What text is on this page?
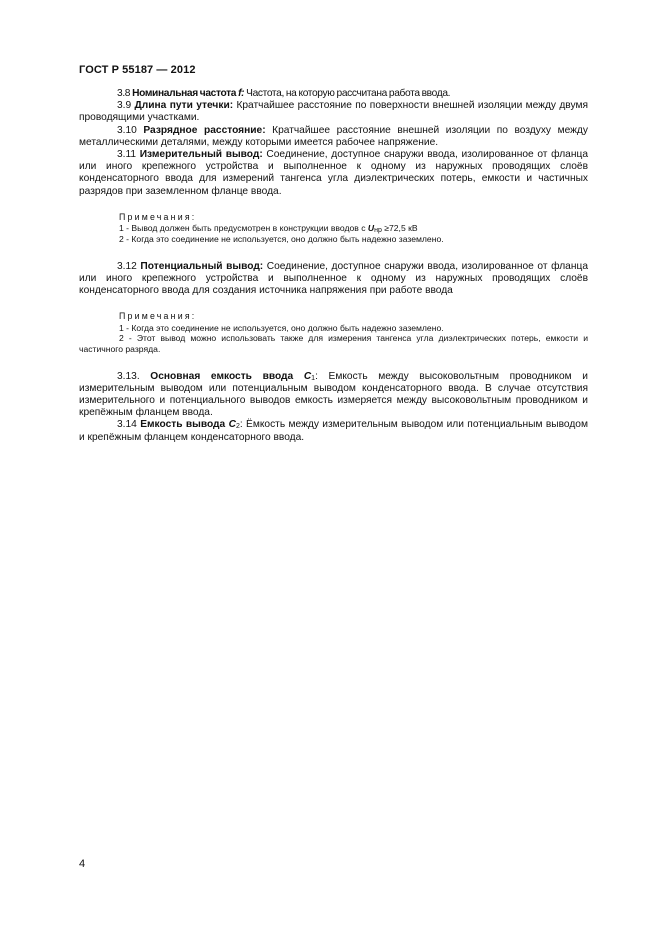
ГОСТ Р 55187 — 2012

3.8 Номинальная частота f: Частота, на которую рассчитана работа ввода.

3.9 Длина пути утечки: Кратчайшее расстояние по поверхности внешней изоляции между двумя проводящими участками.

3.10 Разрядное расстояние: Кратчайшее расстояние внешней изоляции по воздуху между металлическими деталями, между которыми имеется рабочее напряжение.

3.11 Измерительный вывод: Соединение, доступное снаружи ввода, изолированное от фланца или иного крепежного устройства и выполненное к одному из наружных проводящих слоёв конденсаторного ввода для измерений тангенса угла диэлектрических потерь, емкости и частичных разрядов при заземленном фланце ввода.

Примечания:
1 - Вывод должен быть предусмотрен в конструкции вводов с $U_{нр} \ge 72,5$ кВ
2 - Когда это соединение не используется, оно должно быть надежно заземлено.

3.12 Потенциальный вывод: Соединение, доступное снаружи ввода, изолированное от фланца или иного крепежного устройства и выполненное к одному из наружных проводящих слоёв конденсаторного ввода для создания источника напряжения при работе ввода

Примечания:
1 - Когда это соединение не используется, оно должно быть надежно заземлено.
2 - Этот вывод можно использовать также для измерения тангенса угла диэлектрических потерь, емкости и частичного разряда.

3.13. Основная емкость ввода $C_1$: Емкость между высоковольтным проводником и измерительным выводом или потенциальным выводом конденсаторного ввода. В случае отсутствия измерительного и потенциального выводов емкость измеряется между высоковольтным проводником и крепёжным фланцем ввода.

3.14 Емкость вывода $C_2$: Ёмкость между измерительным выводом или потенциальным выводом и крепёжным фланцем конденсаторного ввода.

4
